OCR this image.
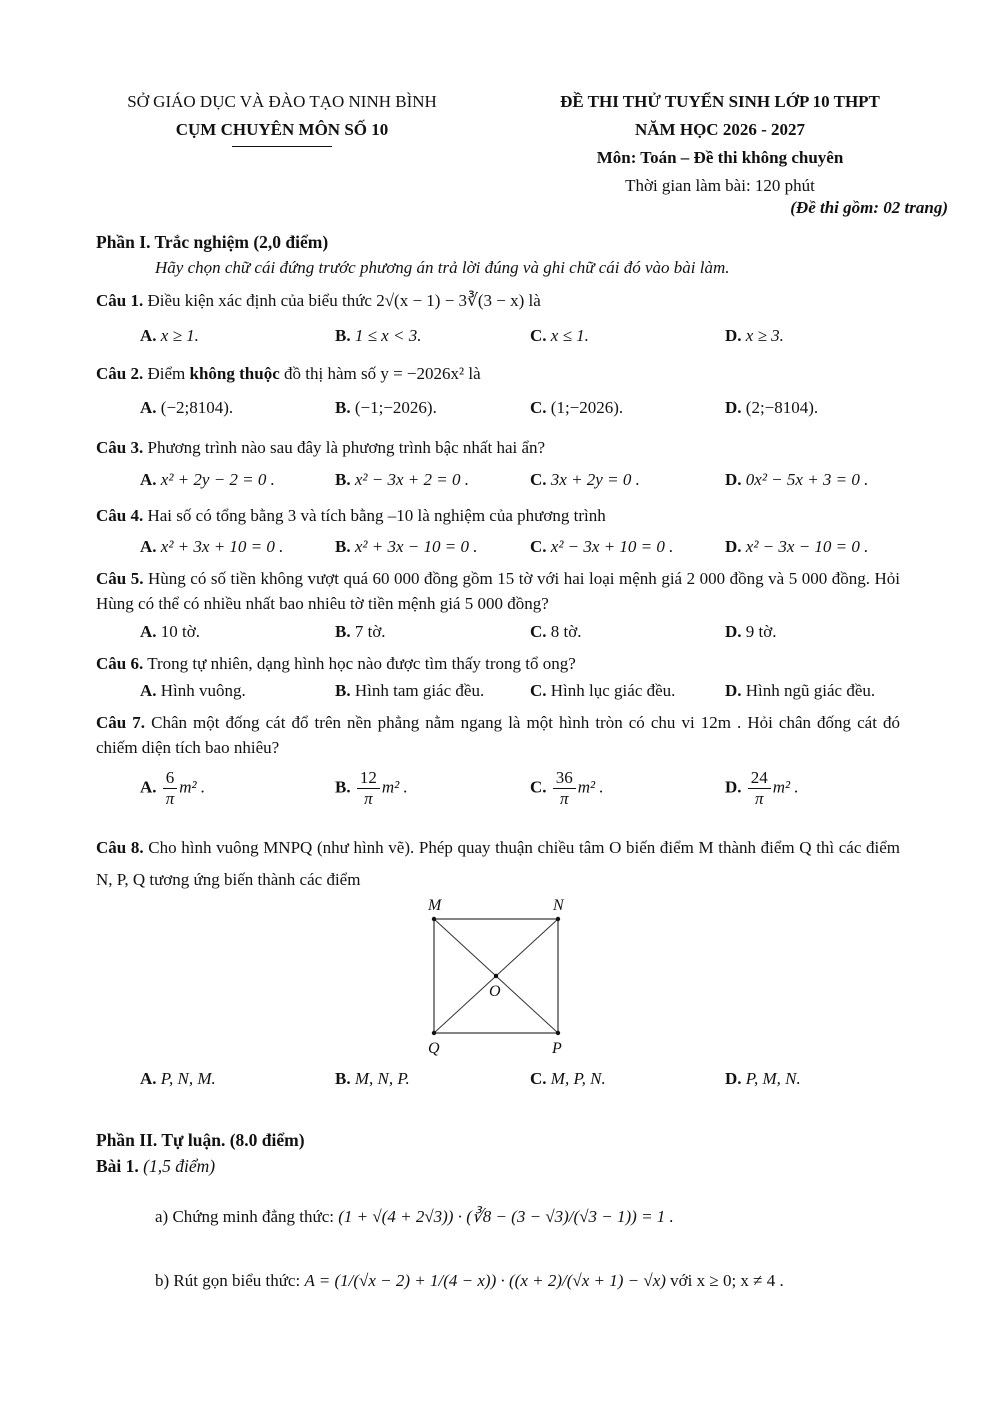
SỞ GIÁO DỤC VÀ ĐÀO TẠO NINH BÌNH
CỤM CHUYÊN MÔN SỐ 10
ĐỀ THI THỬ TUYỂN SINH LỚP 10 THPT
NĂM HỌC 2026 - 2027
Môn: Toán – Đề thi không chuyên
Thời gian làm bài: 120 phút
(Đề thi gồm: 02 trang)
Phần I. Trắc nghiệm (2,0 điểm)
Hãy chọn chữ cái đứng trước phương án trả lời đúng và ghi chữ cái đó vào bài làm.
Câu 1. Điều kiện xác định của biểu thức 2√(x − 1) − 3∛(3 − x) là
A. x ≥ 1.	B. 1 ≤ x < 3.	C. x ≤ 1.	D. x ≥ 3.
Câu 2. Điểm không thuộc đồ thị hàm số y = −2026x² là
A. (−2;8104).	B. (−1;−2026).	C. (1;−2026).	D. (2;−8104).
Câu 3. Phương trình nào sau đây là phương trình bậc nhất hai ẩn?
A. x² + 2y − 2 = 0 .	B. x² − 3x + 2 = 0 .	C. 3x + 2y = 0 .	D. 0x² − 5x + 3 = 0 .
Câu 4. Hai số có tổng bằng 3 và tích bằng –10 là nghiệm của phương trình
A. x² + 3x + 10 = 0 .	B. x² + 3x − 10 = 0 .	C. x² − 3x + 10 = 0 .	D. x² − 3x − 10 = 0 .
Câu 5. Hùng có số tiền không vượt quá 60 000 đồng gồm 15 tờ với hai loại mệnh giá 2 000 đồng và 5 000 đồng. Hỏi Hùng có thể có nhiều nhất bao nhiêu tờ tiền mệnh giá 5 000 đồng?
A. 10 tờ.	B. 7 tờ.	C. 8 tờ.	D. 9 tờ.
Câu 6. Trong tự nhiên, dạng hình học nào được tìm thấy trong tổ ong?
A. Hình vuông.	B. Hình tam giác đều.	C. Hình lục giác đều.	D. Hình ngũ giác đều.
Câu 7. Chân một đống cát đổ trên nền phẳng nằm ngang là một hình tròn có chu vi 12m . Hỏi chân đống cát đó chiếm diện tích bao nhiêu?
A. $\frac{6}{\pi} m^2$ .	B. $\frac{12}{\pi} m^2$ .	C. $\frac{36}{\pi} m^2$ .	D. $\frac{24}{\pi} m^2$ .
Câu 8. Cho hình vuông MNPQ (như hình vẽ). Phép quay thuận chiều tâm O biến điểm M thành điểm Q thì các điểm N, P, Q tương ứng biến thành các điểm
M	N
O
Q	P
A. P, N, M.	B. M, N, P.	C. M, P, N.	D. P, M, N.
Phần II. Tự luận. (8.0 điểm)
Bài 1. (1,5 điểm)
a) Chứng minh đẳng thức: (1 + √(4 + 2√3)) · (∛8 − (3 − √3)/(√3 − 1)) = 1 .
b) Rút gọn biểu thức: A = (1/(√x − 2) + 1/(4 − x)) · ((x + 2)/(√x + 1) − √x) với x ≥ 0; x ≠ 4 .
